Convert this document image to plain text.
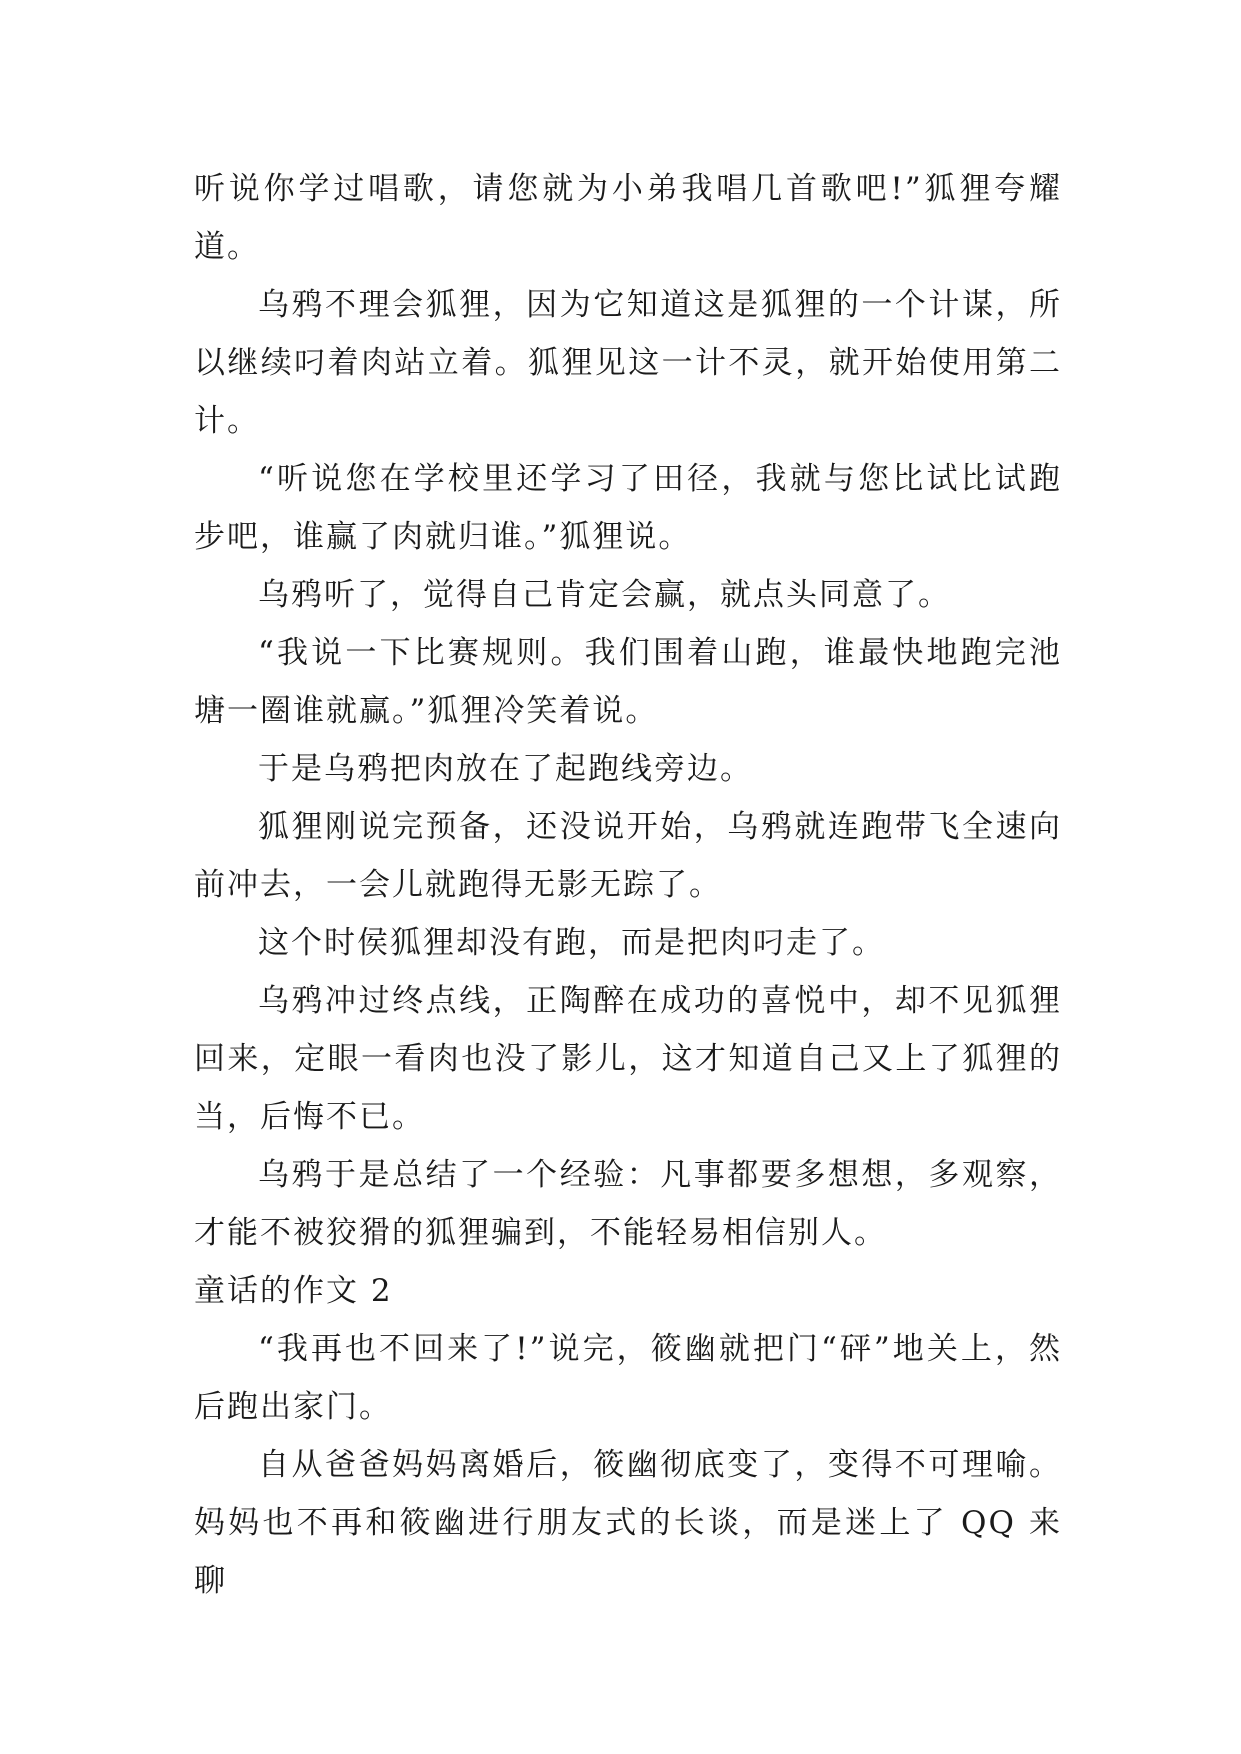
听说你学过唱歌，请您就为小弟我唱几首歌吧!”狐狸夸耀道。

乌鸦不理会狐狸，因为它知道这是狐狸的一个计谋，所以继续叼着肉站立着。狐狸见这一计不灵，就开始使用第二计。

“听说您在学校里还学习了田径，我就与您比试比试跑步吧，谁赢了肉就归谁。”狐狸说。

乌鸦听了，觉得自己肯定会赢，就点头同意了。

“我说一下比赛规则。我们围着山跑，谁最快地跑完池塘一圈谁就赢。”狐狸冷笑着说。

于是乌鸦把肉放在了起跑线旁边。

狐狸刚说完预备，还没说开始，乌鸦就连跑带飞全速向前冲去，一会儿就跑得无影无踪了。

这个时侯狐狸却没有跑，而是把肉叼走了。

乌鸦冲过终点线，正陶醉在成功的喜悦中，却不见狐狸回来，定眼一看肉也没了影儿，这才知道自己又上了狐狸的当，后悔不已。

乌鸦于是总结了一个经验：凡事都要多想想，多观察，才能不被狡猾的狐狸骗到，不能轻易相信别人。

童话的作文 2

“我再也不回来了!”说完，筱幽就把门“砰”地关上，然后跑出家门。

自从爸爸妈妈离婚后，筱幽彻底变了，变得不可理喻。妈妈也不再和筱幽进行朋友式的长谈，而是迷上了 QQ 来聊
